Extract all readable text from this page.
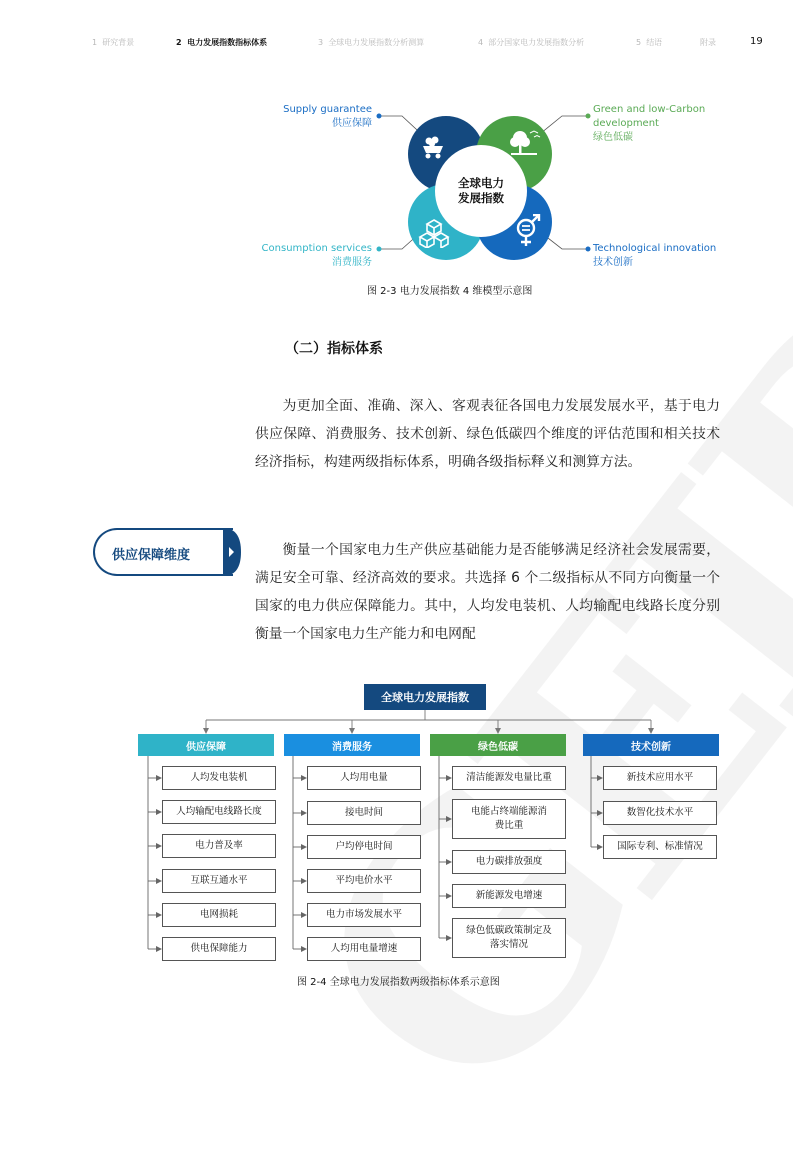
1 研究背景	2 电力发展指数指标体系	3 全球电力发展指数分析测算	4 部分国家电力发展指数分析	5 结语	附录	19
全球电力发展指数
Supply guarantee
供应保障
Green and low-Carbon
development
绿色低碳
Consumption services
消费服务
Technological innovation
技术创新
图 2-3 电力发展指数 4 维模型示意图
（二）指标体系

为更加全面、准确、深入、客观表征各国电力发展发展水平，基于电力供应保障、消费服务、技术创新、绿色低碳四个维度的评估范围和相关技术经济指标，构建两级指标体系，明确各级指标释义和测算方法。

供应保障维度	衡量一个国家电力生产供应基础能力是否能够满足经济社会发展需要，满足安全可靠、经济高效的要求。共选择 6 个二级指标从不同方向衡量一个国家的电力供应保障能力。其中，人均发电装机、人均输配电线路长度分别衡量一个国家电力生产能力和电网配

全球电力发展指数
供应保障	消费服务	绿色低碳	技术创新
人均发电装机
人均输配电线路长度
电力普及率
互联互通水平
电网损耗
供电保障能力
人均用电量
接电时间
户均停电时间
平均电价水平
电力市场发展水平
人均用电量增速
清洁能源发电量比重
电能占终端能源消费比重
电力碳排放强度
新能源发电增速
绿色低碳政策制定及落实情况
新技术应用水平
数智化技术水平
国际专利、标准情况
图 2-4 全球电力发展指数两级指标体系示意图
